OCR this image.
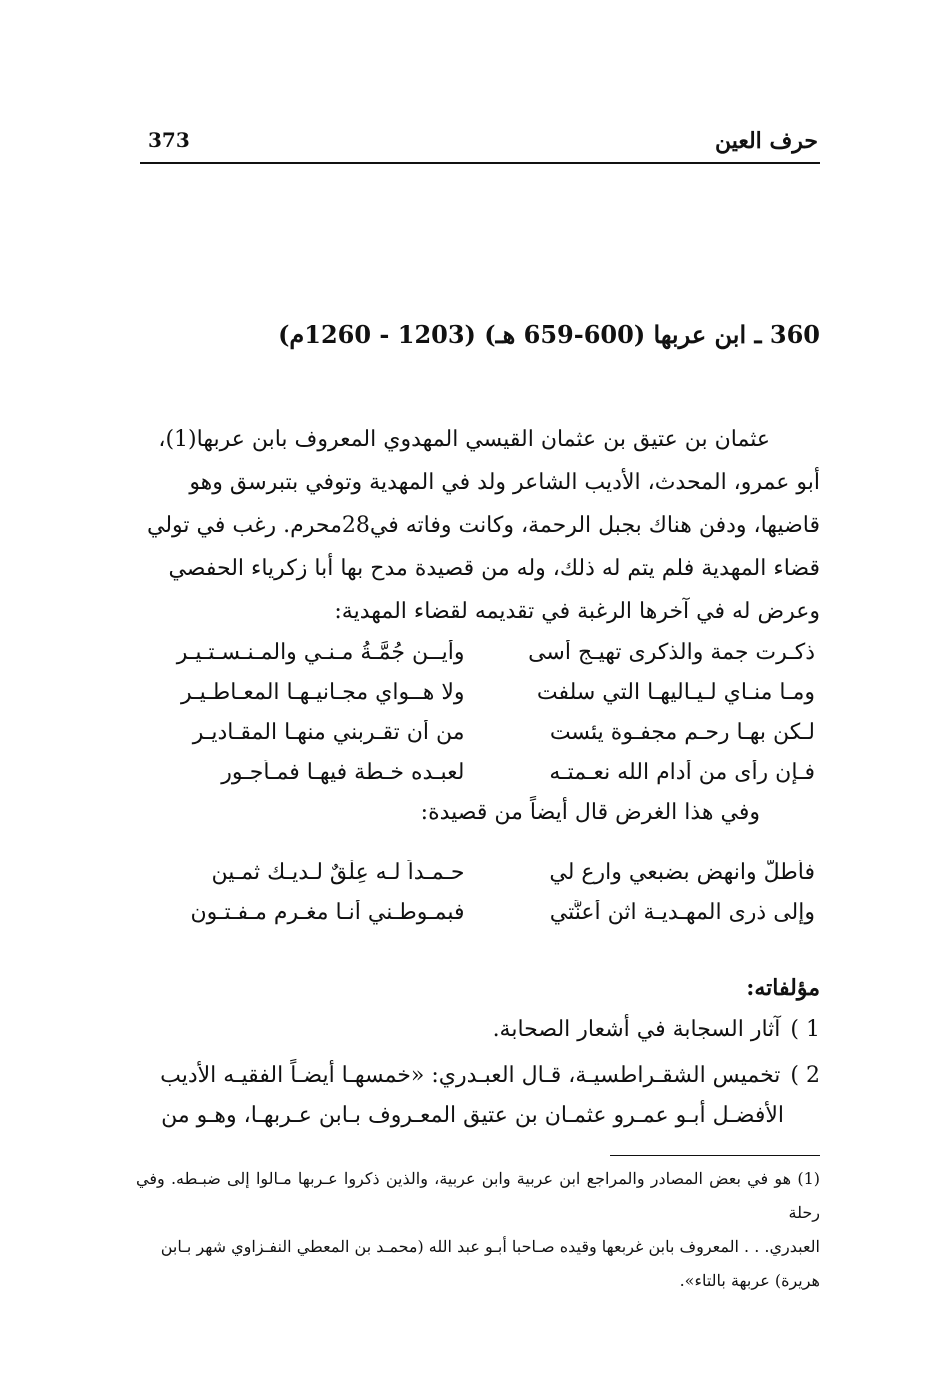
حرف العين
373
360 ـ ابن عربها (600-659 هـ) (1203 - 1260م)

عثمان بن عتيق بن عثمان القيسي المهدوي المعروف بابن عربها(1)،

أبو عمرو، المحدث، الأديب الشاعر ولد في المهدية وتوفي بتبرسق وهو

قاضيها، ودفن هناك بجبل الرحمة، وكانت وفاته في28محرم. رغب في تولي

قضاء المهدية فلم يتم له ذلك، وله من قصيدة مدح بها أبا زكرياء الحفصي

وعرض له في آخرها الرغبة في تقديمه لقضاء المهدية:

ذكـرت جمة والذكرى تهيـج أسى
وأيــن جُمَّـةُ مـنـي والمـنـسـتـيـر
ومـا منـاي لـيـاليهـا التي سلفت
ولا هــواي مجـانيـهـا المعـاطـيـر
لـكن بهـا رحـم مجفـوة يئست
من أن تقـربني منهـا المقـاديـر
فـإن رأى من أدام الله نعـمتـه
لعبـده خـطة فيهـا فمـأجـور
وفي هذا الغرض قال أيضاً من قصيدة:
فأطلَّ وانهض بضبعي وارع لي
حـمـداً لـه عِلْقٌ لـديـك ثمـين
وإلى ذرى المهـديـة اثن أعنَّتي
فبمـوطـني أنـا مغـرم مـفـتـون
مؤلفاته:
1 )آثار السجابة في أشعار الصحابة.
2 )تخميس الشقـراطسيـة، قـال العبـدري: «خمسهـا أيضـاً الفقيـه الأديب
الأفضـل أبـو عمـرو عثمـان بن عتيق المعـروف بـابن عـربهـا، وهـو من
(1) هو في بعض المصادر والمراجع ابن عربية وابن عربية، والذين ذكروا عـربها مـالوا إلى ضبـطه. وفي رحلة
العبدري. . . المعروف بابن غربعها وقيده صـاحبا أبـو عبد الله (محمـد بن المعطي النفـزاوي شهر بـابن
هريرة) عربهة بالتاء».
